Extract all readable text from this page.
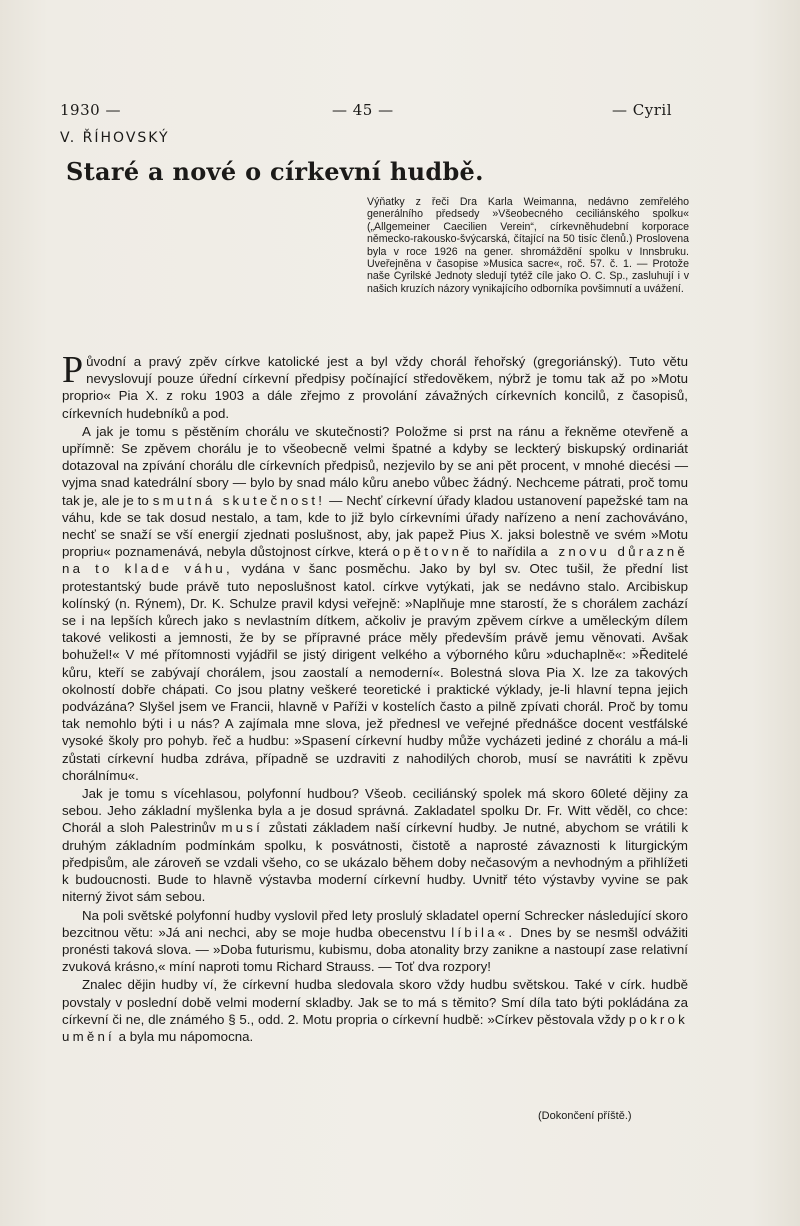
1930 —	— 45 —	— Cyril
V. ŘÍHOVSKÝ
Staré a nové o církevní hudbě.

Výňatky z řeči Dra Karla Weimanna, nedávno zemřelého generálního předsedy »Všeobecného ceciliánského spolku« („Allgemeiner Caecilien Verein“, církevněhudební korporace německo-rakousko-švýcarská, čítající na 50 tisíc členů.) Proslovena byla v roce 1926 na gener. shromáždění spolku v Innsbruku. Uveřejněna v časopise »Musica sacre«, roč. 57. č. 1. — Protože naše Cyrilské Jednoty sledují tytéž cíle jako O. C. Sp., zasluhují i v našich kruzích názory vynikajícího odborníka povšimnutí a uvážení.

Původní a pravý zpěv církve katolické jest a byl vždy chorál řehořský (gregoriánský). Tuto větu nevyslovují pouze úřední církevní předpisy počínající středověkem, nýbrž je tomu tak až po »Motu proprio« Pia X. z roku 1903 a dále zřejmo z provolání závažných církevních koncilů, z časopisů, církevních hudebníků a pod.

A jak je tomu s pěstěním chorálu ve skutečnosti? Položme si prst na ránu a řekněme otevřeně a upřímně: Se zpěvem chorálu je to všeobecně velmi špatné a kdyby se leckterý biskupský ordinariát dotazoval na zpívání chorálu dle církevních předpisů, nezjevilo by se ani pět procent, v mnohé diecési — vyjma snad katedrální sbory — bylo by snad málo kůru anebo vůbec žádný. Nechceme pátrati, proč tomu tak je, ale je to smutná skutečnost! — Nechť církevní úřady kladou ustanovení papežské tam na váhu, kde se tak dosud nestalo, a tam, kde to již bylo církevními úřady nařízeno a není zachováváno, nechť se snaží se vší energií zjednati poslušnost, aby, jak papež Pius X. jaksi bolestně ve svém »Motu propriu« poznamenává, nebyla důstojnost církve, která opětovně to nařídila a znovu důrazně na to klade váhu, vydána v šanc posměchu. Jako by byl sv. Otec tušil, že přední list protestantský bude právě tuto neposlušnost katol. církve vytýkati, jak se nedávno stalo. Arcibiskup kolínský (n. Rýnem), Dr. K. Schulze pravil kdysi veřejně: »Naplňuje mne starostí, že s chorálem zachází se i na lepších kůrech jako s nevlastním dítkem, ačkoliv je pravým zpěvem církve a uměleckým dílem takové velikosti a jemnosti, že by se přípravné práce měly především právě jemu věnovati. Avšak bohužel!« V mé přítomnosti vyjádřil se jistý dirigent velkého a výborného kůru »duchaplně«: »Ředitelé kůru, kteří se zabývají chorálem, jsou zaostalí a nemoderní«. Bolestná slova Pia X. lze za takových okolností dobře chápati. Co jsou platny veškeré teoretické i praktické výklady, je-li hlavní tepna jejich podvázána? Slyšel jsem ve Francii, hlavně v Paříži v kostelích často a pilně zpívati chorál. Proč by tomu tak nemohlo býti i u nás? A zajímala mne slova, jež přednesl ve veřejné přednášce docent vestfálské vysoké školy pro pohyb. řeč a hudbu: »Spasení církevní hudby může vycházeti jediné z chorálu a má-li zůstati církevní hudba zdráva, případně se uzdraviti z nahodilých chorob, musí se navrátiti k zpěvu chorálnímu«.

Jak je tomu s vícehlasou, polyfonní hudbou? Všeob. ceciliánský spolek má skoro 60leté dějiny za sebou. Jeho základní myšlenka byla a je dosud správná. Zakladatel spolku Dr. Fr. Witt věděl, co chce: Chorál a sloh Palestrinův musí zůstati základem naší církevní hudby. Je nutné, abychom se vrátili k druhým základním podmínkám spolku, k posvátnosti, čistotě a naprosté závaznosti k liturgickým předpisům, ale zároveň se vzdali všeho, co se ukázalo během doby nečasovým a nevhodným a přihlížeti k budoucnosti. Bude to hlavně výstavba moderní církevní hudby. Uvnitř této výstavby vyvine se pak niterný život sám sebou.

Na poli světské polyfonní hudby vyslovil před lety proslulý skladatel operní Schrecker následující skoro bezcitnou větu: »Já ani nechci, aby se moje hudba obecenstvu líbila«. Dnes by se nesmšl odvážiti pronésti taková slova. — »Doba futurismu, kubismu, doba atonality brzy zanikne a nastoupí zase relativní zvuková krásno,« míní naproti tomu Richard Strauss. — Toť dva rozpory!

Znalec dějin hudby ví, že církevní hudba sledovala skoro vždy hudbu světskou. Také v círk. hudbě povstaly v poslední době velmi moderní skladby. Jak se to má s těmito? Smí díla tato býti pokládána za církevní či ne, dle známého § 5., odd. 2. Motu propria o církevní hudbě: »Církev pěstovala vždy pokrok umění a byla mu nápomocna.

(Dokončení příště.)
